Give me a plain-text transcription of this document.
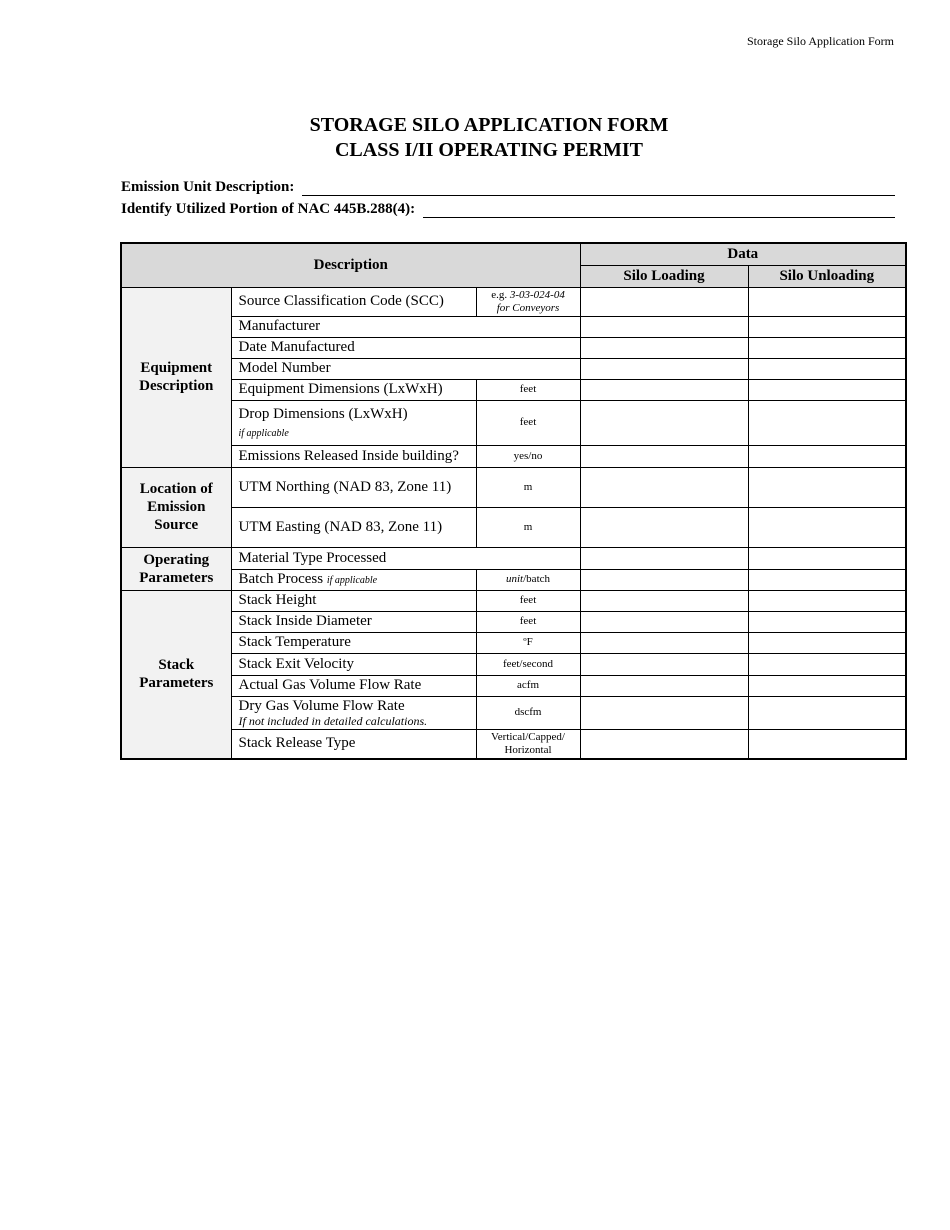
Storage Silo Application Form
STORAGE SILO APPLICATION FORM
CLASS I/II OPERATING PERMIT
Emission Unit Description:
Identify Utilized Portion of NAC 445B.288(4):
Description			Data	
			Silo Loading	Silo Unloading
Equipment Description	Source Classification Code (SCC)	e.g. 3-03-024-04
for Conveyors		
	Manufacturer			
	Date Manufactured			
	Model Number			
	Equipment Dimensions (LxWxH)	feet		
	Drop Dimensions (LxWxH)
if applicable	feet		
	Emissions Released Inside building?	yes/no		
Location of Emission Source	UTM Northing (NAD 83, Zone 11)	m		
	UTM Easting (NAD 83, Zone 11)	m		
Operating Parameters	Material Type Processed			
	Batch Process if applicable	unit/batch		
Stack Parameters	Stack Height	feet		
	Stack Inside Diameter	feet		
	Stack Temperature	ºF		
	Stack Exit Velocity	feet/second		
	Actual Gas Volume Flow Rate	acfm		
	Dry Gas Volume Flow Rate
If not included in detailed calculations.	dscfm		
	Stack Release Type	Vertical/Capped/
Horizontal		
